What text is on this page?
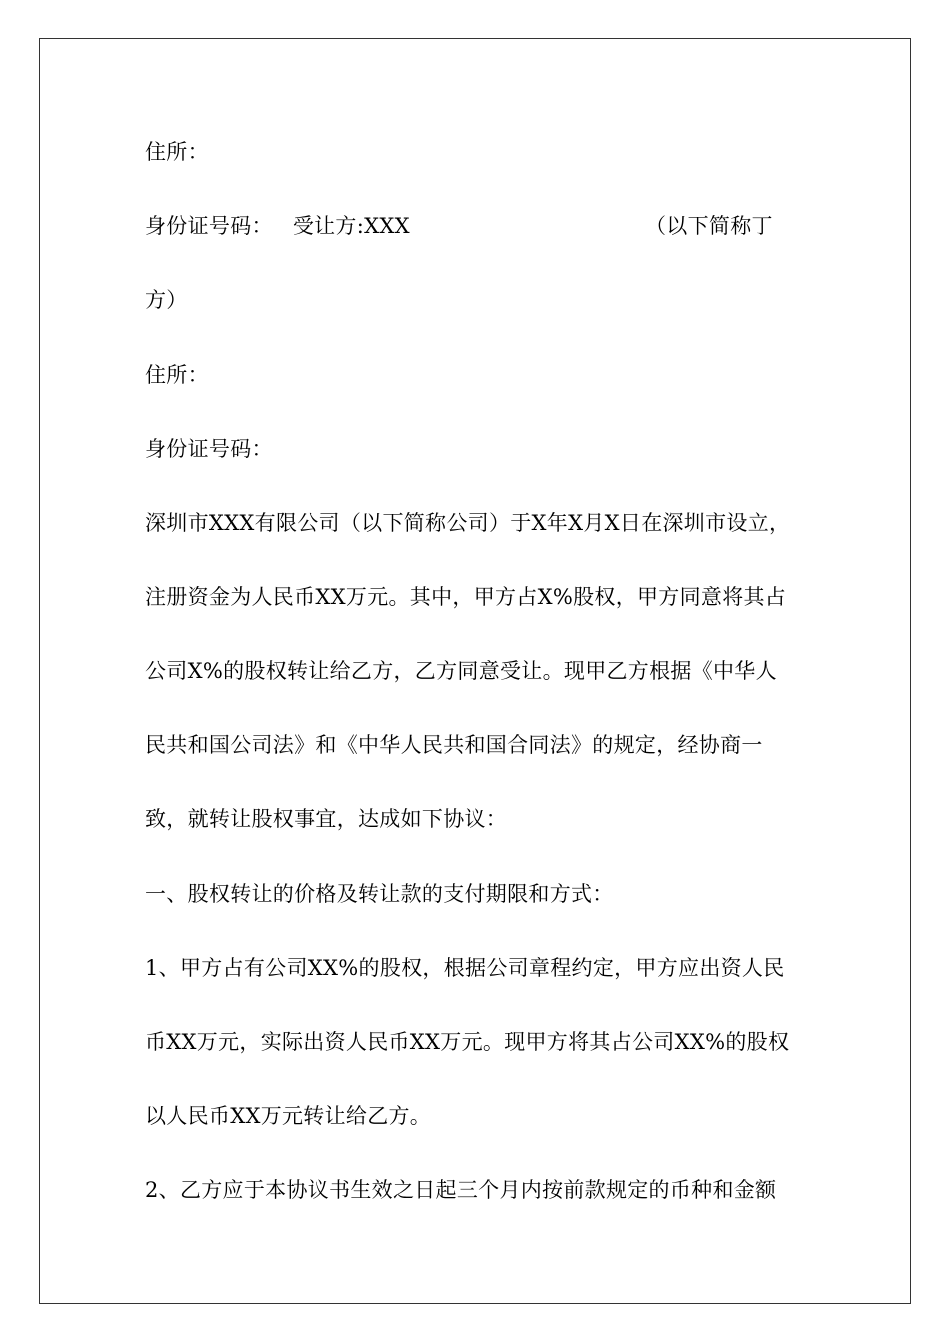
住所：
身份证号码： 受让方:XXX	（以下简称丁
方）
住所：
身份证号码：
深圳市XXX有限公司（以下简称公司）于X年X月X日在深圳市设立，
注册资金为人民币XX万元。其中，甲方占X%股权，甲方同意将其占
公司X%的股权转让给乙方，乙方同意受让。现甲乙方根据《中华人
民共和国公司法》和《中华人民共和国合同法》的规定，经协商一
致，就转让股权事宜，达成如下协议：
一、股权转让的价格及转让款的支付期限和方式：
1、甲方占有公司XX%的股权，根据公司章程约定，甲方应出资人民
币XX万元，实际出资人民币XX万元。现甲方将其占公司XX%的股权
以人民币XX万元转让给乙方。
2、乙方应于本协议书生效之日起三个月内按前款规定的币种和金额
